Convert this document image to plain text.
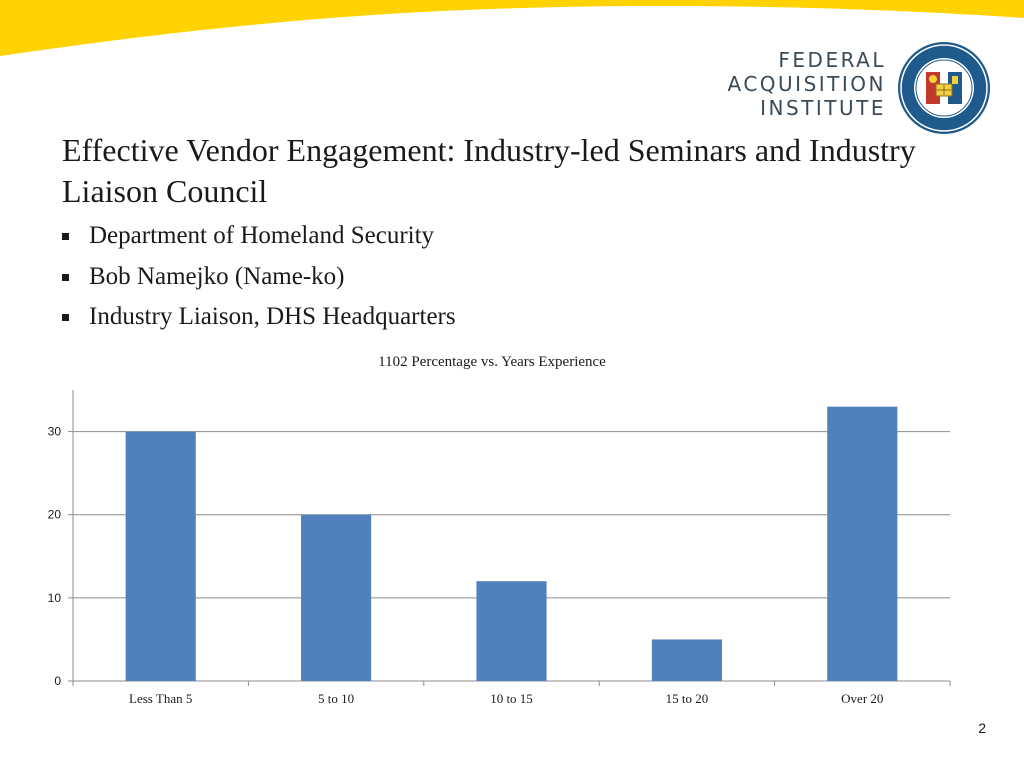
FEDERAL
ACQUISITION
INSTITUTE
Effective Vendor Engagement: Industry-led Seminars and Industry Liaison Council
Department of Homeland Security
Bob Namejko (Name-ko)
Industry Liaison, DHS Headquarters
1102 Percentage vs. Years Experience
0
10
20
30
Less Than 5	5 to 10	10 to 15	15 to 20	Over 20
2
